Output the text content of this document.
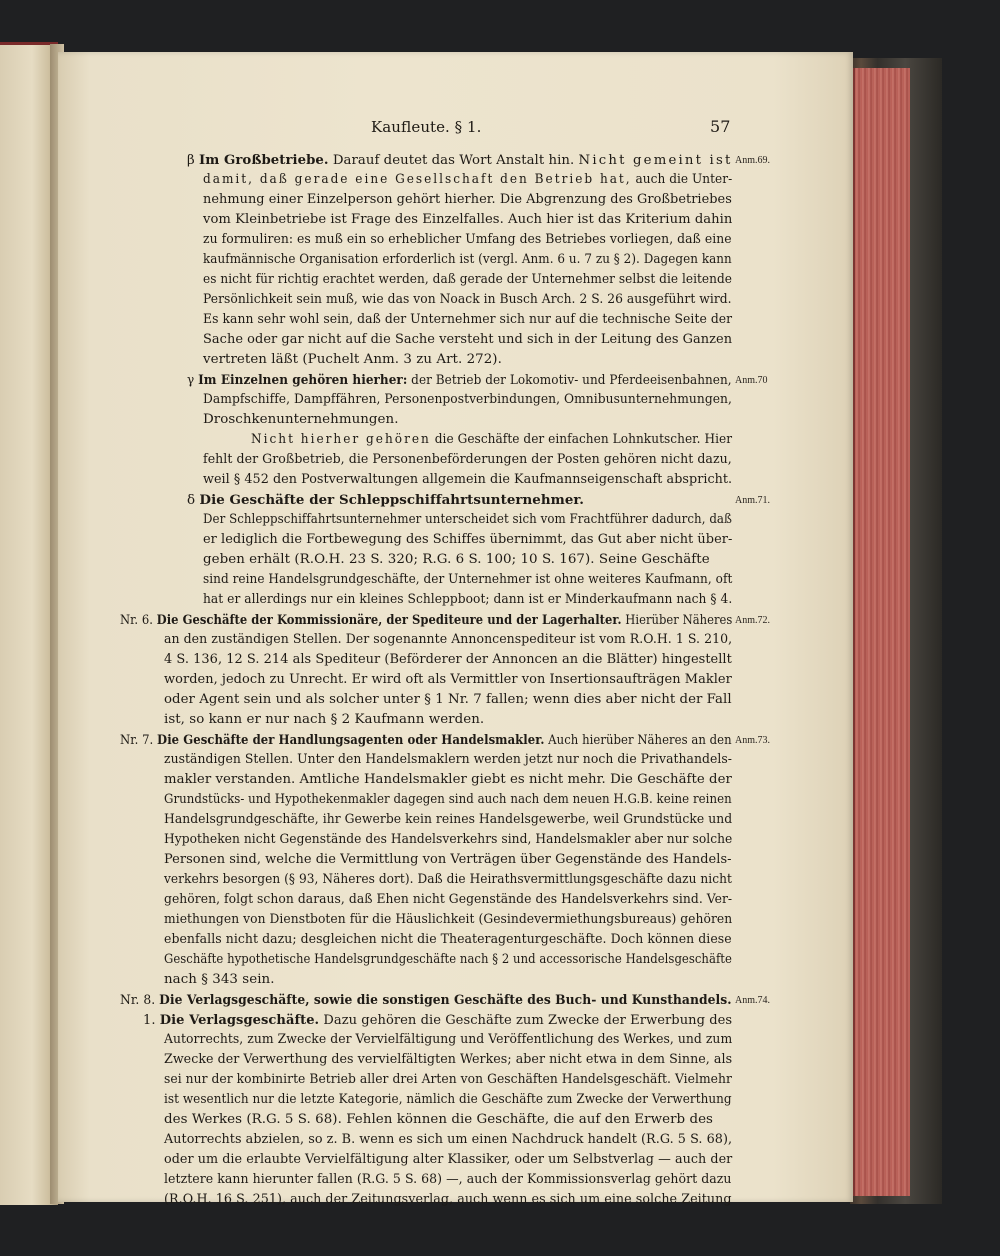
Kaufleute. § 1.	57
β Im Großbetriebe. Darauf deutet das Wort Anstalt hin. Nicht gemeint ist
damit, daß gerade eine Gesellschaft den Betrieb hat, auch die Unter-
nehmung einer Einzelperson gehört hierher. Die Abgrenzung des Großbetriebes
vom Kleinbetriebe ist Frage des Einzelfalles. Auch hier ist das Kriterium dahin
zu formuliren: es muß ein so erheblicher Umfang des Betriebes vorliegen, daß eine
kaufmännische Organisation erforderlich ist (vergl. Anm. 6 u. 7 zu § 2). Dagegen kann
es nicht für richtig erachtet werden, daß gerade der Unternehmer selbst die leitende
Persönlichkeit sein muß, wie das von Noack in Busch Arch. 2 S. 26 ausgeführt wird.
Es kann sehr wohl sein, daß der Unternehmer sich nur auf die technische Seite der
Sache oder gar nicht auf die Sache versteht und sich in der Leitung des Ganzen
vertreten läßt (Puchelt Anm. 3 zu Art. 272).
γ Im Einzelnen gehören hierher: der Betrieb der Lokomotiv- und Pferdeeisenbahnen,
Dampfschiffe, Dampffähren, Personenpostverbindungen, Omnibusunternehmungen,
Droschkenunternehmungen.
Nicht hierher gehören die Geschäfte der einfachen Lohnkutscher. Hier
fehlt der Großbetrieb, die Personenbeförderungen der Posten gehören nicht dazu,
weil § 452 den Postverwaltungen allgemein die Kaufmannseigenschaft abspricht.
δ Die Geschäfte der Schleppschiffahrtsunternehmer.
Der Schleppschiffahrtsunternehmer unterscheidet sich vom Frachtführer dadurch, daß
er lediglich die Fortbewegung des Schiffes übernimmt, das Gut aber nicht über-
geben erhält (R.O.H. 23 S. 320; R.G. 6 S. 100; 10 S. 167). Seine Geschäfte
sind reine Handelsgrundgeschäfte, der Unternehmer ist ohne weiteres Kaufmann, oft
hat er allerdings nur ein kleines Schleppboot; dann ist er Minderkaufmann nach § 4.
Nr. 6. Die Geschäfte der Kommissionäre, der Spediteure und der Lagerhalter. Hierüber Näheres
an den zuständigen Stellen. Der sogenannte Annoncenspediteur ist vom R.O.H. 1 S. 210,
4 S. 136, 12 S. 214 als Spediteur (Beförderer der Annoncen an die Blätter) hingestellt
worden, jedoch zu Unrecht. Er wird oft als Vermittler von Insertionsaufträgen Makler
oder Agent sein und als solcher unter § 1 Nr. 7 fallen; wenn dies aber nicht der Fall
ist, so kann er nur nach § 2 Kaufmann werden.
Nr. 7. Die Geschäfte der Handlungsagenten oder Handelsmakler. Auch hierüber Näheres an den
zuständigen Stellen. Unter den Handelsmaklern werden jetzt nur noch die Privathandels-
makler verstanden. Amtliche Handelsmakler giebt es nicht mehr. Die Geschäfte der
Grundstücks- und Hypothekenmakler dagegen sind auch nach dem neuen H.G.B. keine reinen
Handelsgrundgeschäfte, ihr Gewerbe kein reines Handelsgewerbe, weil Grundstücke und
Hypotheken nicht Gegenstände des Handelsverkehrs sind, Handelsmakler aber nur solche
Personen sind, welche die Vermittlung von Verträgen über Gegenstände des Handels-
verkehrs besorgen (§ 93, Näheres dort). Daß die Heirathsvermittlungsgeschäfte dazu nicht
gehören, folgt schon daraus, daß Ehen nicht Gegenstände des Handelsverkehrs sind. Ver-
miethungen von Dienstboten für die Häuslichkeit (Gesindevermiethungsbureaus) gehören
ebenfalls nicht dazu; desgleichen nicht die Theateragenturgeschäfte. Doch können diese
Geschäfte hypothetische Handelsgrundgeschäfte nach § 2 und accessorische Handelsgeschäfte
nach § 343 sein.
Nr. 8. Die Verlagsgeschäfte, sowie die sonstigen Geschäfte des Buch- und Kunsthandels.
1. Die Verlagsgeschäfte. Dazu gehören die Geschäfte zum Zwecke der Erwerbung des
Autorrechts, zum Zwecke der Vervielfältigung und Veröffentlichung des Werkes, und zum
Zwecke der Verwerthung des vervielfältigten Werkes; aber nicht etwa in dem Sinne, als
sei nur der kombinirte Betrieb aller drei Arten von Geschäften Handelsgeschäft. Vielmehr
ist wesentlich nur die letzte Kategorie, nämlich die Geschäfte zum Zwecke der Verwerthung
des Werkes (R.G. 5 S. 68). Fehlen können die Geschäfte, die auf den Erwerb des
Autorrechts abzielen, so z. B. wenn es sich um einen Nachdruck handelt (R.G. 5 S. 68),
oder um die erlaubte Vervielfältigung alter Klassiker, oder um Selbstverlag — auch der
letztere kann hierunter fallen (R.G. 5 S. 68) —, auch der Kommissionsverlag gehört dazu
(R.O.H. 16 S. 251), auch der Zeitungsverlag, auch wenn es sich um eine solche Zeitung
Anm.69.
Anm.70
Anm.71.
Anm.72.
Anm.73.
Anm.74.
